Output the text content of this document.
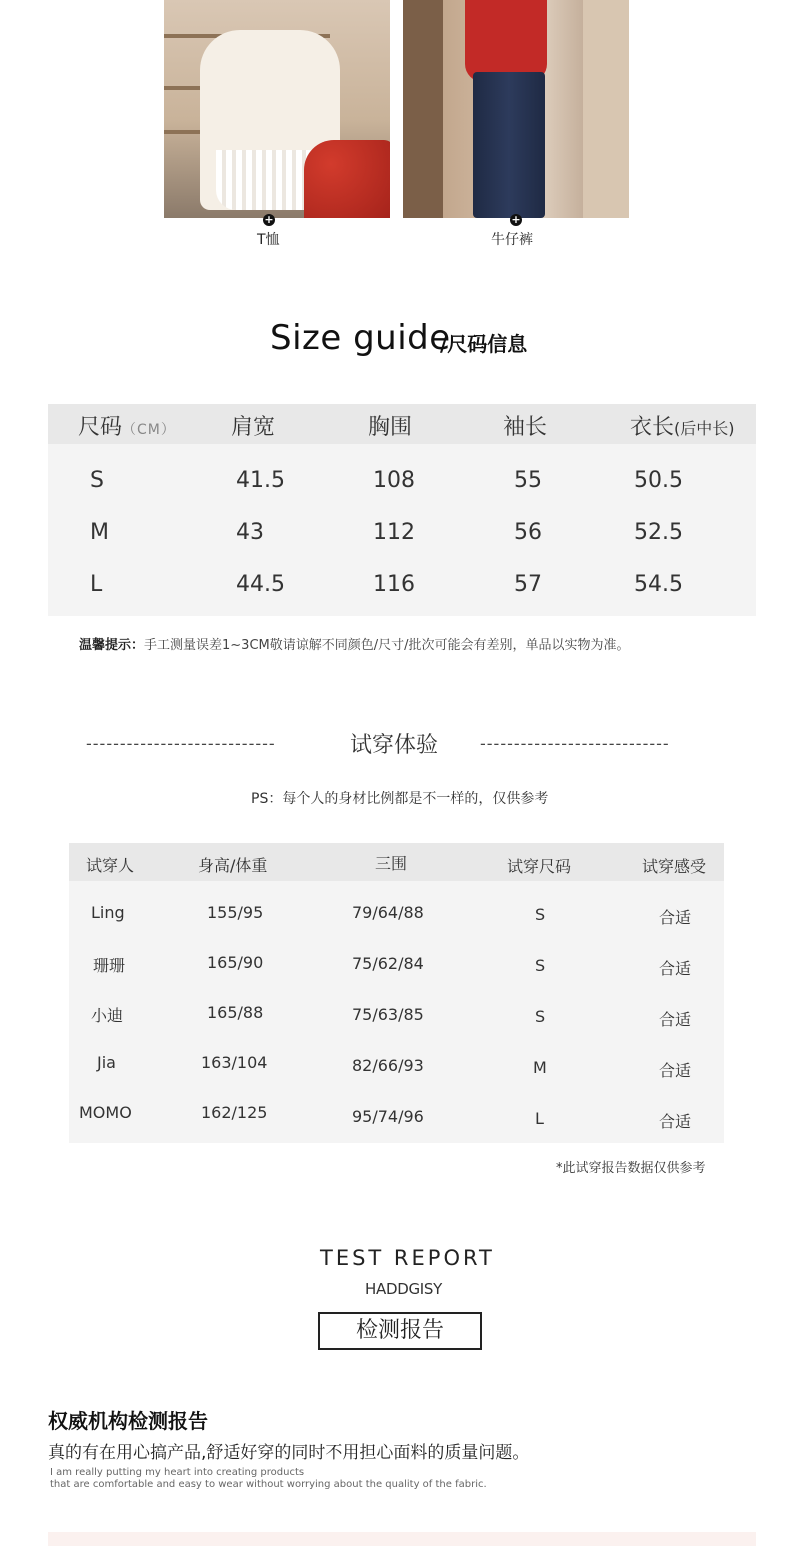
+
T恤
+
牛仔裤
Size guide
/尺码信息
尺码（CM）	肩宽	胸围	袖长	衣长(后中长)
S	41.5	108	55	50.5
M	43	112	56	52.5
L	44.5	116	57	54.5
温馨提示：手工测量误差1~3CM敬请谅解不同颜色/尺寸/批次可能会有差别，单品以实物为准。
----------------------------	试穿体验	----------------------------
PS：每个人的身材比例都是不一样的，仅供参考
试穿人	身高/体重	三围	试穿尺码	试穿感受
Ling	155/95	79/64/88	S	合适
珊珊	165/90	75/62/84	S	合适
小迪	165/88	75/63/85	S	合适
Jia	163/104	82/66/93	M	合适
MOMO	162/125	95/74/96	L	合适
*此试穿报告数据仅供参考
TEST REPORT
HADDGISY
检测报告
权威机构检测报告
真的有在用心搞产品,舒适好穿的同时不用担心面料的质量问题。
I am really putting my heart into creating products
that are comfortable and easy to wear without worrying about the quality of the fabric.
